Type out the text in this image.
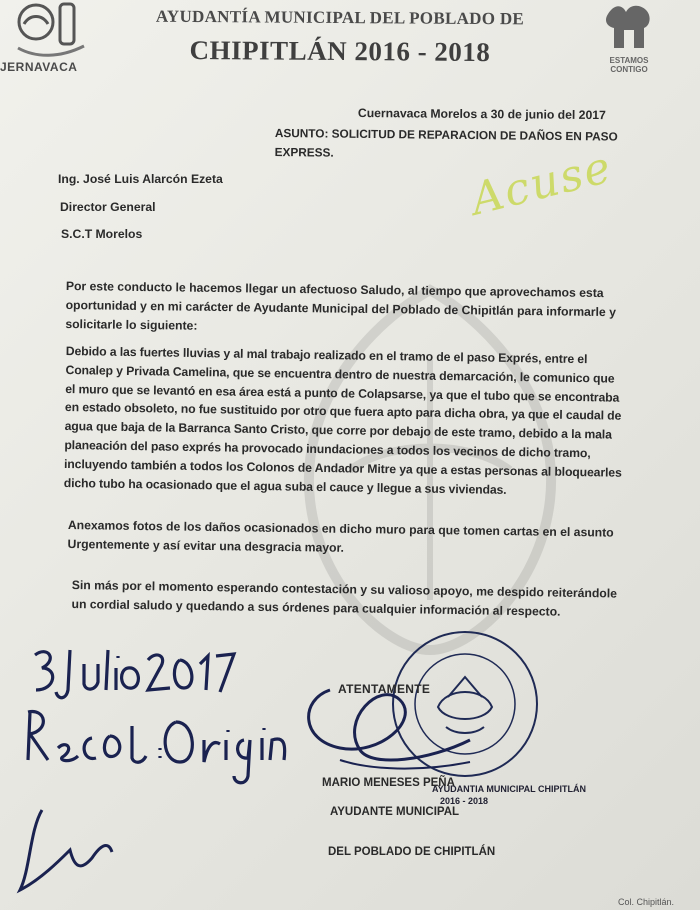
JERNAVACA	ESTAMOS CONTIGO
AYUDANTÍA MUNICIPAL DEL POBLADO DE
CHIPITLÁN 2016 - 2018
Cuernavaca Morelos a 30 de junio del 2017
ASUNTO: SOLICITUD DE REPARACION DE DAÑOS EN PASO EXPRESS.
Ing. José Luis Alarcón Ezeta
Director General
S.C.T Morelos
Acuse
Por este conducto le hacemos llegar un afectuoso Saludo, al tiempo que aprovechamos esta oportunidad y en mi carácter de Ayudante Municipal del Poblado de Chipitlán para informarle y solicitarle lo siguiente:
Debido a las fuertes lluvias y al mal trabajo realizado en el tramo de el paso Exprés, entre el Conalep y Privada Camelina, que se encuentra dentro de nuestra demarcación, le comunico que el muro que se levantó en esa área está a punto de Colapsarse, ya que el tubo que se encontraba en estado obsoleto, no fue sustituido por otro que fuera apto para dicha obra, ya que el caudal de agua que baja de la Barranca Santo Cristo, que corre por debajo de este tramo, debido a la mala planeación del paso exprés ha provocado inundaciones a todos los vecinos de dicho tramo, incluyendo también a todos los Colonos de Andador Mitre ya que a estas personas al bloquearles dicho tubo ha ocasionado que el agua suba el cauce y llegue a sus viviendas.
Anexamos fotos de los daños ocasionados en dicho muro para que tomen cartas en el asunto Urgentemente y así evitar una desgracia mayor.
Sin más por el momento esperando contestación y su valioso apoyo, me despido reiterándole un cordial saludo y quedando a sus órdenes para cualquier información al respecto.
AYUDANTIA MUNICIPAL CHIPITLÁN
2016 - 2018
ATENTAMENTE
MARIO MENESES PEÑA
AYUDANTE MUNICIPAL
DEL POBLADO DE CHIPITLÁN
Col. Chipitlán.
